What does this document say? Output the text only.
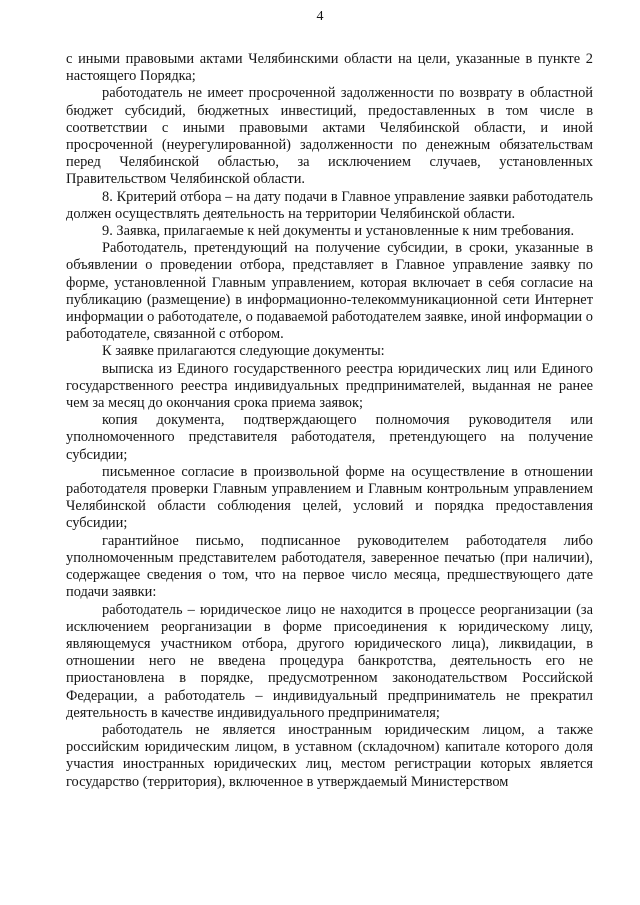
4

с иными правовыми актами Челябинскими области на цели, указанные в пункте 2 настоящего Порядка;

работодатель не имеет просроченной задолженности по возврату в областной бюджет субсидий, бюджетных инвестиций, предоставленных в том числе в соответствии с иными правовыми актами Челябинской области, и иной просроченной (неурегулированной) задолженности по денежным обязательствам перед Челябинской областью, за исключением случаев, установленных Правительством Челябинской области.

8. Критерий отбора – на дату подачи в Главное управление заявки работодатель должен осуществлять деятельность на территории Челябинской области.

9. Заявка, прилагаемые к ней документы и установленные к ним требования.

Работодатель, претендующий на получение субсидии, в сроки, указанные в объявлении о проведении отбора, представляет в Главное управление заявку по форме, установленной Главным управлением, которая включает в себя согласие на публикацию (размещение) в информационно-телекоммуникационной сети Интернет информации о работодателе, о подаваемой работодателем заявке, иной информации о работодателе, связанной с отбором.

К заявке прилагаются следующие документы:

выписка из Единого государственного реестра юридических лиц или Единого государственного реестра индивидуальных предпринимателей, выданная не ранее чем за месяц до окончания срока приема заявок;

копия документа, подтверждающего полномочия руководителя или уполномоченного представителя работодателя, претендующего на получение субсидии;

письменное согласие в произвольной форме на осуществление в отношении работодателя проверки Главным управлением и Главным контрольным управлением Челябинской области соблюдения целей, условий и порядка предоставления субсидии;

гарантийное письмо, подписанное руководителем работодателя либо уполномоченным представителем работодателя, заверенное печатью (при наличии), содержащее сведения о том, что на первое число месяца, предшествующего дате подачи заявки:

работодатель – юридическое лицо не находится в процессе реорганизации (за исключением реорганизации в форме присоединения к юридическому лицу, являющемуся участником отбора, другого юридического лица), ликвидации, в отношении него не введена процедура банкротства, деятельность его не приостановлена в порядке, предусмотренном законодательством Российской Федерации, а работодатель – индивидуальный предприниматель не прекратил деятельность в качестве индивидуального предпринимателя;

работодатель не является иностранным юридическим лицом, а также российским юридическим лицом, в уставном (складочном) капитале которого доля участия иностранных юридических лиц, местом регистрации которых является государство (территория), включенное в утверждаемый Министерством
